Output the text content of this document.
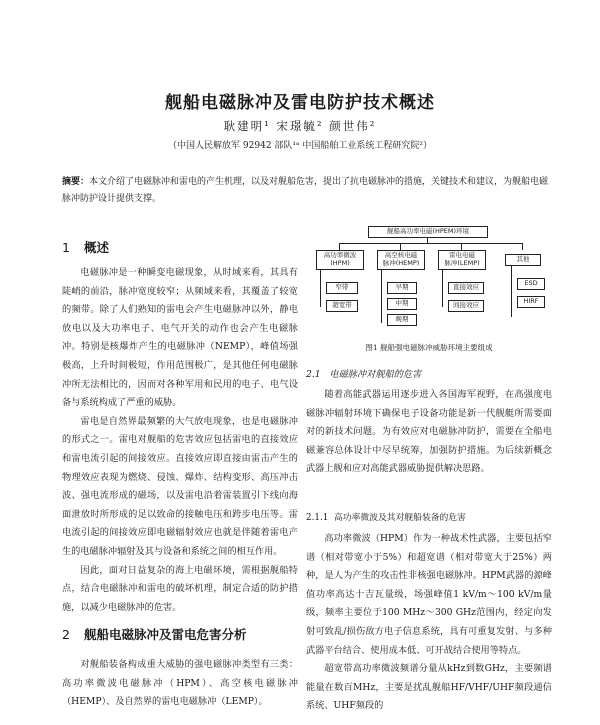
舰船电磁脉冲及雷电防护技术概述
耿建明¹ 宋璟毓² 颜世伟²
（中国人民解放军 92942 部队¹ᵃ 中国船舶工业系统工程研究院²）
摘要：本文介绍了电磁脉冲和雷电的产生机理，以及对舰船危害，提出了抗电磁脉冲的措施，关键技术和建议，为舰船电磁脉冲防护设计提供支撑。
1 概述

电磁脉冲是一种瞬变电磁现象，从时域来看，其具有陡峭的前沿，脉冲宽度较窄；从频域来看，其覆盖了较宽的频带。除了人们熟知的雷电会产生电磁脉冲以外，静电放电以及大功率电子、电气开关的动作也会产生电磁脉冲。特别是核爆炸产生的电磁脉冲（NEMP），峰值场强极高，上升时间极短，作用范围极广，是其他任何电磁脉冲所无法相比的，因而对各种军用和民用的电子、电气设备与系统构成了严重的威胁。

雷电是自然界最频繁的大气放电现象，也是电磁脉冲的形式之一。雷电对舰船的危害效应包括雷电的直接效应和雷电流引起的间接效应。直接效应即直接由雷击产生的物理效应表现为燃烧、侵蚀、爆炸、结构变形、高压冲击波、强电流形成的磁场，以及雷电沿着雷装置引下线向海面泄放时所形成的足以致命的接触电压和跨步电压等。雷电流引起的间接效应即电磁辐射效应也就是伴随着雷电产生的电磁脉冲辐射及其与设备和系统之间的相互作用。

因此，面对日益复杂的海上电磁环境，需根据舰船特点，结合电磁脉冲和雷电的破坏机理，制定合适的防护措施，以减少电磁脉冲的危害。

2 舰船电磁脉冲及雷电危害分析

对舰船装备构成重大威胁的强电磁脉冲类型有三类：高功率微波电磁脉冲（HPM）、高空核电磁脉冲（HEMP）、及自然界的雷电电磁脉冲（LEMP）。

舰船高功率电磁(HPEM)环境
高功率微波
(HPM)
高空核电磁
脉冲(HEMP)
雷电电磁
脉冲(LEMP)	其他
窄带
超宽带
早期
中期
晚期
直接效应
间接效应
ESD
HIRF
图1 舰船强电磁脉冲威胁环境主要组成
2.1 电磁脉冲对舰船的危害

随着高能武器运用逐步进入各国海军视野，在高强度电磁脉冲辐射环境下确保电子设备功能是新一代舰艇所需要面对的新技术问题。为有效应对电磁脉冲防护，需要在全船电磁兼容总体设计中尽早统筹，加强防护措施。为后续新概念武器上舰和应对高能武器威胁提供解决思路。

2.1.1 高功率微波及其对舰船装备的危害

高功率微波（HPM）作为一种战术性武器，主要包括窄谱（相对带宽小于5%）和超宽谱（相对带宽大于25%）两种，是人为产生的攻击性非核强电磁脉冲。HPM武器的源峰值功率高达十吉瓦量级，场强峰值1 kV/m～100 kV/m量级，频率主要位于100 MHz～300 GHz范围内，经定向发射可致乱/损伤敌方电子信息系统，具有可重复发射、与多种武器平台结合、使用成本低、可开战结合使用等特点。

超宽带高功率微波频谱分量从kHz到数GHz，主要频谱能量在数百MHz，主要是扰乱舰船HF/VHF/UHF频段通信系统、UHF频段的
